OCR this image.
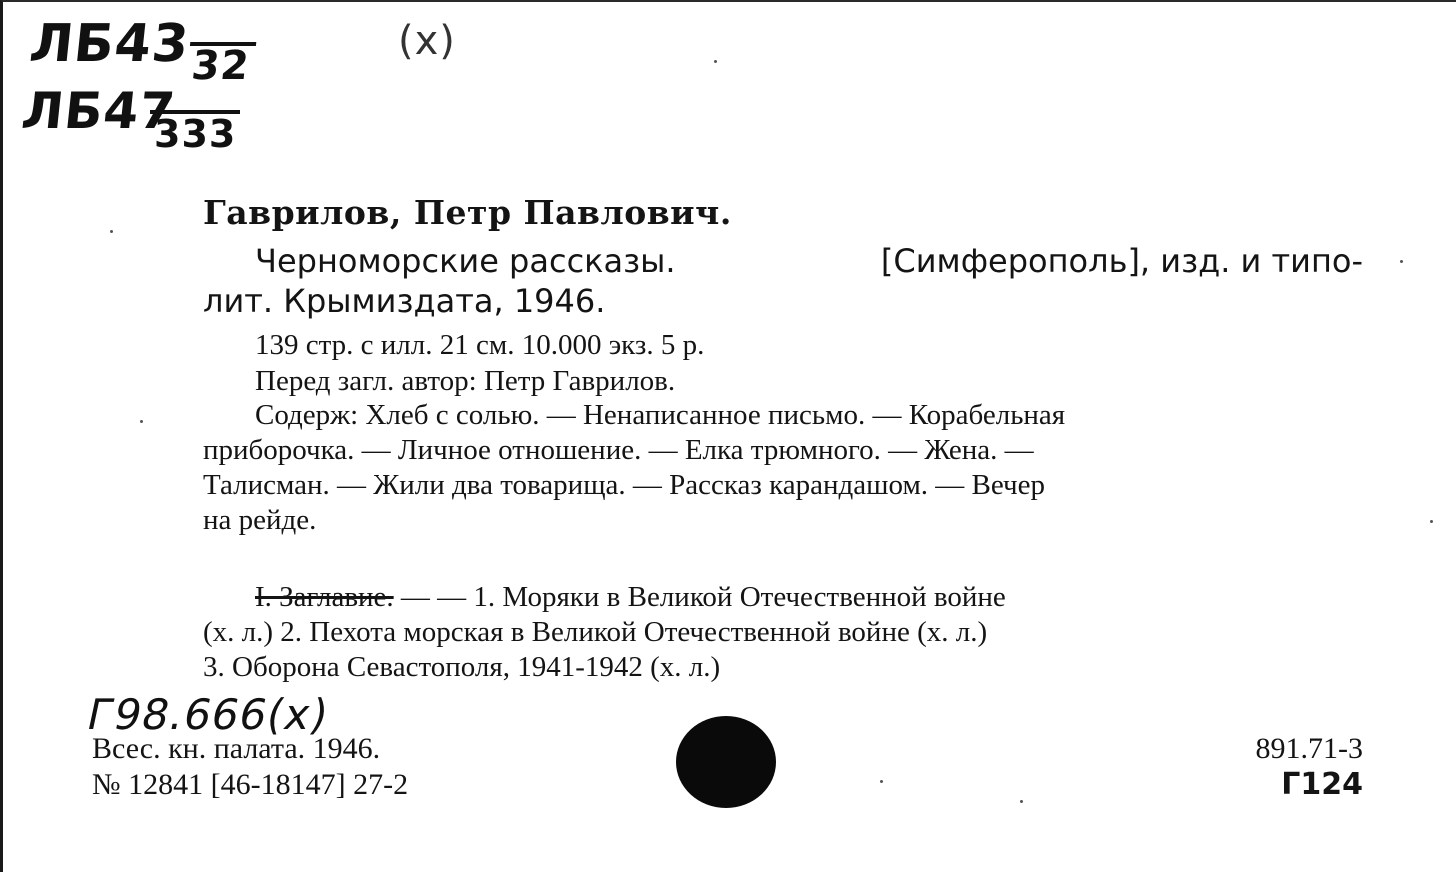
ЛБ43
32
ЛБ47
333
(x)
Гаврилов, Петр Павлович.
Черноморские рассказы.	[Симферополь], изд. и типо-
лит. Крымиздата, 1946.
139 стр. с илл. 21 см. 10.000 экз. 5 р.
Перед загл. автор: Петр Гаврилов.
Содерж: Хлеб с солью. — Ненаписанное письмо. — Корабельная
приборочка. — Личное отношение. — Елка трюмного. — Жена. —
Талисман. — Жили два товарища. — Рассказ карандашом. — Вечер
на рейде.
I. Заглавие. — — 1. Моряки в Великой Отечественной войне
(х. л.) 2. Пехота морская в Великой Отечественной войне (х. л.)
3. Оборона Севастополя, 1941-1942 (х. л.)
Г98.666(х)
Всес. кн. палата. 1946.
№ 12841 [46-18147] 27-2
891.71-3
Г124
